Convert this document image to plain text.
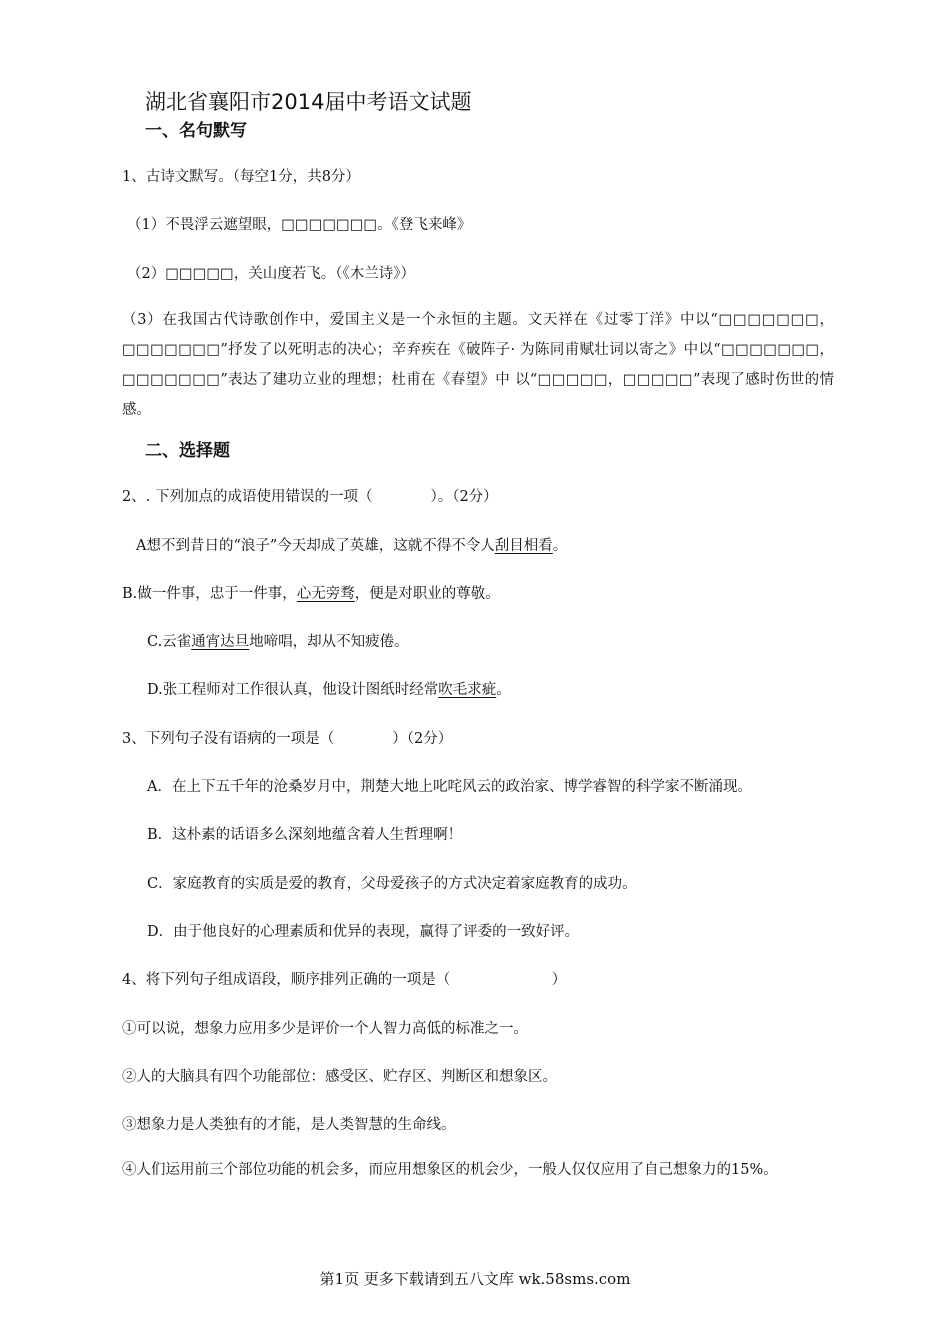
湖北省襄阳市2014届中考语文试题
一、名句默写
1、古诗文默写。（每空1分，共8分）
（1）不畏浮云遮望眼，□□□□□□□。《登飞来峰》
（2）□□□□□，关山度若飞。（《木兰诗》）
（3）在我国古代诗歌创作中，爱国主义是一个永恒的主题。文天祥在《过零丁洋》中以“□□□□□□□，□□□□□□□”抒发了以死明志的决心；辛弃疾在《破阵子· 为陈同甫赋壮词以寄之》中以“□□□□□□□，□□□□□□□”表达了建功立业的理想；杜甫在《春望》中 以“□□□□□，□□□□□”表现了感时伤世的情感。
二、选择题
2、. 下列加点的成语使用错误的一项（　　　　）。（2分）
A想不到昔日的“浪子”今天却成了英雄，这就不得不令人刮目相看。
B.做一件事，忠于一件事，心无旁骛，便是对职业的尊敬。
C.云雀通宵达旦地啼唱，却从不知疲倦。
D.张工程师对工作很认真，他设计图纸时经常吹毛求疵。
3、下列句子没有语病的一项是（　　　　）（2分）
A．在上下五千年的沧桑岁月中，荆楚大地上叱咤风云的政治家、博学睿智的科学家不断涌现。
B．这朴素的话语多么深刻地蕴含着人生哲理啊！
C．家庭教育的实质是爱的教育，父母爱孩子的方式决定着家庭教育的成功。
D．由于他良好的心理素质和优异的表现，赢得了评委的一致好评。
4、将下列句子组成语段，顺序排列正确的一项是（　　　　　　　）
①可以说，想象力应用多少是评价一个人智力高低的标准之一。
②人的大脑具有四个功能部位：感受区、贮存区、判断区和想象区。
③想象力是人类独有的才能，是人类智慧的生命线。
④人们运用前三个部位功能的机会多，而应用想象区的机会少，一般人仅仅应用了自己想象力的15%。
第1页 更多下载请到五八文库 wk.58sms.com
